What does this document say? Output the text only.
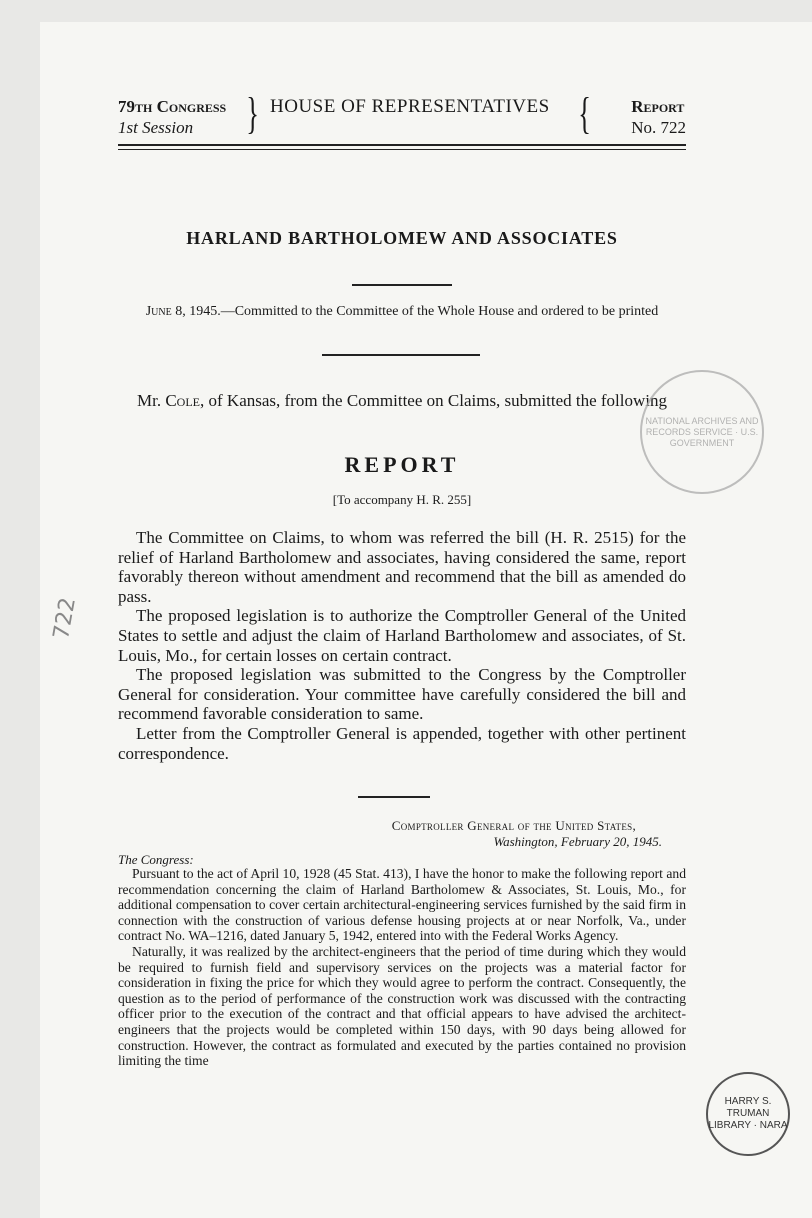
79th Congress
1st Session	} HOUSE OF REPRESENTATIVES { Report
No. 722
HARLAND BARTHOLOMEW AND ASSOCIATES
June 8, 1945.—Committed to the Committee of the Whole House and ordered to be printed
Mr. Cole, of Kansas, from the Committee on Claims, submitted the following
REPORT
[To accompany H. R. 255]

The Committee on Claims, to whom was referred the bill (H. R. 2515) for the relief of Harland Bartholomew and associates, having considered the same, report favorably thereon without amendment and recommend that the bill as amended do pass.

The proposed legislation is to authorize the Comptroller General of the United States to settle and adjust the claim of Harland Bartholomew and associates, of St. Louis, Mo., for certain losses on certain contract.

The proposed legislation was submitted to the Congress by the Comptroller General for consideration. Your committee have carefully considered the bill and recommend favorable consideration to same.

Letter from the Comptroller General is appended, together with other pertinent correspondence.

Comptroller General of the United States,
Washington, February 20, 1945.
The Congress:

Pursuant to the act of April 10, 1928 (45 Stat. 413), I have the honor to make the following report and recommendation concerning the claim of Harland Bartholomew & Associates, St. Louis, Mo., for additional compensation to cover certain architectural-engineering services furnished by the said firm in connection with the construction of various defense housing projects at or near Norfolk, Va., under contract No. WA–1216, dated January 5, 1942, entered into with the Federal Works Agency.

Naturally, it was realized by the architect-engineers that the period of time during which they would be required to furnish field and supervisory services on the projects was a material factor for consideration in fixing the price for which they would agree to perform the contract. Consequently, the question as to the period of performance of the construction work was discussed with the contracting officer prior to the execution of the contract and that official appears to have advised the architect-engineers that the projects would be completed within 150 days, with 90 days being allowed for construction. However, the contract as formulated and executed by the parties contained no provision limiting the time

722
NATIONAL ARCHIVES AND RECORDS SERVICE · U.S. GOVERNMENT
HARRY S. TRUMAN LIBRARY · NARA
